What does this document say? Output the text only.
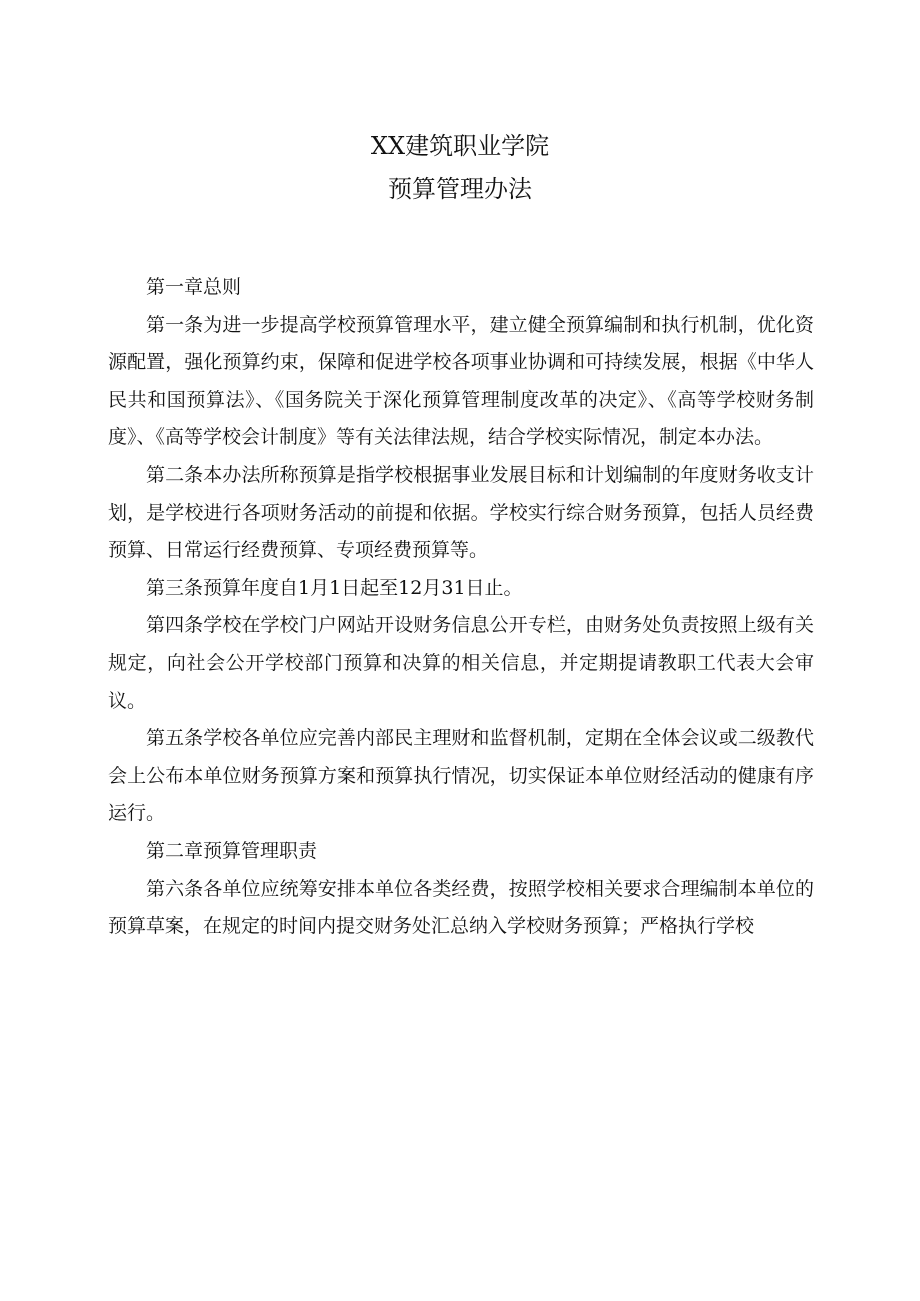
XX建筑职业学院
预算管理办法

第一章总则

第一条为进一步提高学校预算管理水平，建立健全预算编制和执行机制，优化资源配置，强化预算约束，保障和促进学校各项事业协调和可持续发展，根据《中华人民共和国预算法》、《国务院关于深化预算管理制度改革的决定》、《高等学校财务制度》、《高等学校会计制度》等有关法律法规，结合学校实际情况，制定本办法。

第二条本办法所称预算是指学校根据事业发展目标和计划编制的年度财务收支计划，是学校进行各项财务活动的前提和依据。学校实行综合财务预算，包括人员经费预算、日常运行经费预算、专项经费预算等。

第三条预算年度自1月1日起至12月31日止。

第四条学校在学校门户网站开设财务信息公开专栏，由财务处负责按照上级有关规定，向社会公开学校部门预算和决算的相关信息，并定期提请教职工代表大会审议。

第五条学校各单位应完善内部民主理财和监督机制，定期在全体会议或二级教代会上公布本单位财务预算方案和预算执行情况，切实保证本单位财经活动的健康有序运行。

第二章预算管理职责

第六条各单位应统筹安排本单位各类经费，按照学校相关要求合理编制本单位的预算草案，在规定的时间内提交财务处汇总纳入学校财务预算；严格执行学校
